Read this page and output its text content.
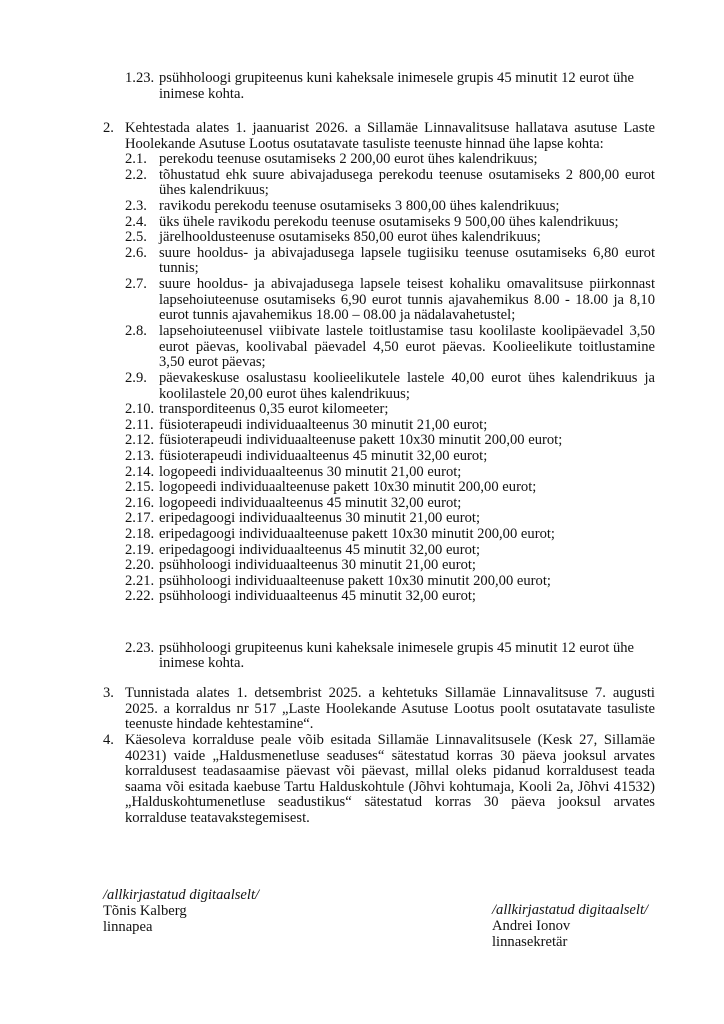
1.23. psühholoogi grupiteenus kuni kaheksale inimesele grupis 45 minutit 12 eurot ühe
inimese kohta.
2. Kehtestada alates 1. jaanuarist 2026. a Sillamäe Linnavalitsuse hallatava asutuse Laste
Hoolekande Asutuse Lootus osutatavate tasuliste teenuste hinnad ühe lapse kohta:
2.1. perekodu teenuse osutamiseks 2 200,00 eurot ühes kalendrikuus;
2.2. tõhustatud ehk suure abivajadusega perekodu teenuse osutamiseks 2 800,00 eurot
ühes kalendrikuus;
2.3. ravikodu perekodu teenuse osutamiseks 3 800,00 ühes kalendrikuus;
2.4. üks ühele ravikodu perekodu teenuse osutamiseks 9 500,00 ühes kalendrikuus;
2.5. järelhooldusteenuse osutamiseks 850,00 eurot ühes kalendrikuus;
2.6. suure hooldus- ja abivajadusega lapsele tugiisiku teenuse osutamiseks 6,80 eurot
tunnis;
2.7. suure hooldus- ja abivajadusega lapsele teisest kohaliku omavalitsuse piirkonnast
lapsehoiuteenuse osutamiseks 6,90 eurot tunnis ajavahemikus 8.00 - 18.00 ja 8,10
eurot tunnis ajavahemikus 18.00 – 08.00 ja nädalavahetustel;
2.8. lapsehoiuteenusel viibivate lastele toitlustamise tasu koolilaste koolipäevadel 3,50
eurot päevas, koolivabal päevadel 4,50 eurot päevas. Koolieelikute toitlustamine
3,50 eurot päevas;
2.9. päevakeskuse osalustasu koolieelikutele lastele 40,00 eurot ühes kalendrikuus ja
koolilastele 20,00 eurot ühes kalendrikuus;
2.10. transporditeenus 0,35 eurot kilomeeter;
2.11. füsioterapeudi individuaalteenus 30 minutit 21,00 eurot;
2.12. füsioterapeudi individuaalteenuse pakett 10x30 minutit 200,00 eurot;
2.13. füsioterapeudi individuaalteenus 45 minutit 32,00 eurot;
2.14. logopeedi individuaalteenus 30 minutit 21,00 eurot;
2.15. logopeedi individuaalteenuse pakett 10x30 minutit 200,00 eurot;
2.16. logopeedi individuaalteenus 45 minutit 32,00 eurot;
2.17. eripedagoogi individuaalteenus 30 minutit 21,00 eurot;
2.18. eripedagoogi individuaalteenuse pakett 10x30 minutit 200,00 eurot;
2.19. eripedagoogi individuaalteenus 45 minutit 32,00 eurot;
2.20. psühholoogi individuaalteenus 30 minutit 21,00 eurot;
2.21. psühholoogi individuaalteenuse pakett 10x30 minutit 200,00 eurot;
2.22. psühholoogi individuaalteenus 45 minutit 32,00 eurot;
2.23. psühholoogi grupiteenus kuni kaheksale inimesele grupis 45 minutit 12 eurot ühe
inimese kohta.
3. Tunnistada alates 1. detsembrist 2025. a kehtetuks Sillamäe Linnavalitsuse 7. augusti
2025. a korraldus nr 517 „Laste Hoolekande Asutuse Lootus poolt osutatavate tasuliste
teenuste hindade kehtestamine“.
4. Käesoleva korralduse peale võib esitada Sillamäe Linnavalitsusele (Kesk 27, Sillamäe
40231) vaide „Haldusmenetluse seaduses“ sätestatud korras 30 päeva jooksul arvates
korraldusest teadasaamise päevast või päevast, millal oleks pidanud korraldusest teada
saama või esitada kaebuse Tartu Halduskohtule (Jõhvi kohtumaja, Kooli 2a, Jõhvi 41532)
„Halduskohtumenetluse seadustikus“ sätestatud korras 30 päeva jooksul arvates
korralduse teatavakstegemisest.
/allkirjastatud digitaalselt/
Tõnis Kalberg
linnapea
/allkirjastatud digitaalselt/
Andrei Ionov
linnasekretär
